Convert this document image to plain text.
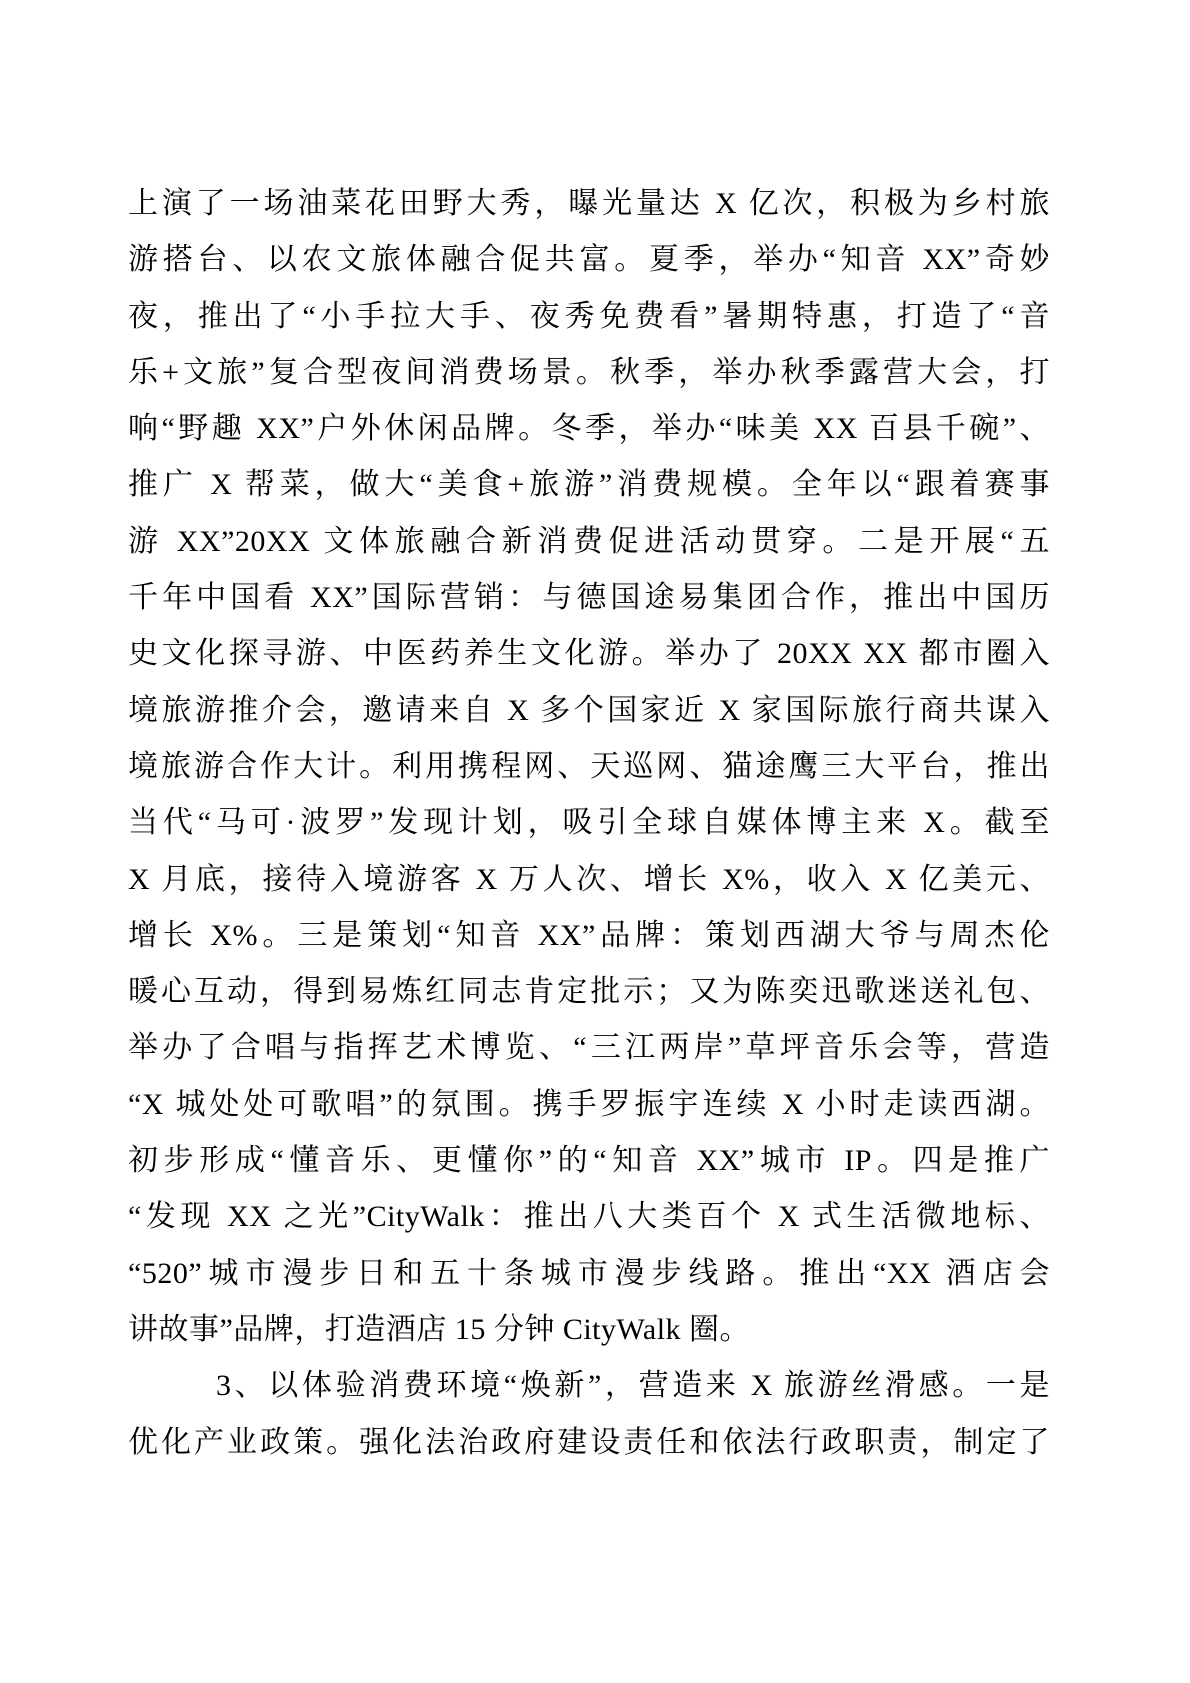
上演了一场油菜花田野大秀，曝光量达 X 亿次，积极为乡村旅
游搭台、以农文旅体融合促共富。夏季，举办“知音 XX”奇妙
夜，推出了“小手拉大手、夜秀免费看”暑期特惠，打造了“音
乐+文旅”复合型夜间消费场景。秋季，举办秋季露营大会，打
响“野趣 XX”户外休闲品牌。冬季，举办“味美 XX 百县千碗”、
推广 X 帮菜，做大“美食+旅游”消费规模。全年以“跟着赛事
游 XX”20XX 文体旅融合新消费促进活动贯穿。二是开展“五
千年中国看 XX”国际营销：与德国途易集团合作，推出中国历
史文化探寻游、中医药养生文化游。举办了 20XX XX 都市圈入
境旅游推介会，邀请来自 X 多个国家近 X 家国际旅行商共谋入
境旅游合作大计。利用携程网、天巡网、猫途鹰三大平台，推出
当代“马可·波罗”发现计划，吸引全球自媒体博主来 X。截至
X 月底，接待入境游客 X 万人次、增长 X%，收入 X 亿美元、
增长 X%。三是策划“知音 XX”品牌：策划西湖大爷与周杰伦
暖心互动，得到易炼红同志肯定批示；又为陈奕迅歌迷送礼包、
举办了合唱与指挥艺术博览、“三江两岸”草坪音乐会等，营造
“X 城处处可歌唱”的氛围。携手罗振宇连续 X 小时走读西湖。
初步形成“懂音乐、更懂你”的“知音 XX”城市 IP。四是推广
“发现 XX 之光”CityWalk：推出八大类百个 X 式生活微地标、
“520”城市漫步日和五十条城市漫步线路。推出“XX 酒店会
讲故事”品牌，打造酒店 15 分钟 CityWalk 圈。
3、以体验消费环境“焕新”，营造来 X 旅游丝滑感。一是
优化产业政策。强化法治政府建设责任和依法行政职责，制定了
